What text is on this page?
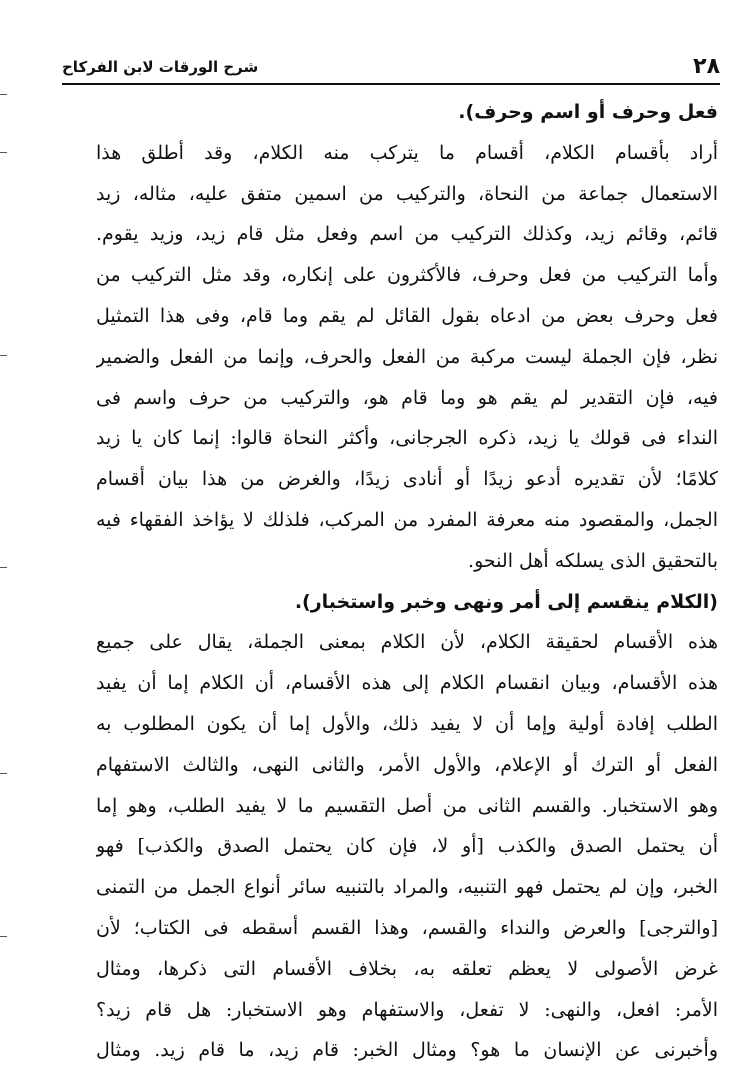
٢٨
شرح الورقات لابن الفركاح
فعل وحرف أو اسم وحرف).
أراد بأقسام الكلام، أقسام ما يتركب منه الكلام، وقد أطلق هذا
الاستعمال جماعة من النحاة، والتركيب من اسمين متفق عليه، مثاله، زيد
قائم، وقائم زيد، وكذلك التركيب من اسم وفعل مثل قام زيد، وزيد يقوم.
وأما التركيب من فعل وحرف، فالأكثرون على إنكاره، وقد مثل التركيب من
فعل وحرف بعض من ادعاه بقول القائل لم يقم وما قام، وفى هذا التمثيل
نظر، فإن الجملة ليست مركبة من الفعل والحرف، وإنما من الفعل والضمير
فيه، فإن التقدير لم يقم هو وما قام هو، والتركيب من حرف واسم فى
النداء فى قولك يا زيد، ذكره الجرجانى، وأكثر النحاة قالوا: إنما كان يا زيد
كلامًا؛ لأن تقديره أدعو زيدًا أو أنادى زيدًا، والغرض من هذا بيان أقسام
الجمل، والمقصود منه معرفة المفرد من المركب، فلذلك لا يؤاخذ الفقهاء فيه
بالتحقيق الذى يسلكه أهل النحو.
(الكلام ينقسم إلى أمر ونهى وخبر واستخبار).
هذه الأقسام لحقيقة الكلام، لأن الكلام بمعنى الجملة، يقال على جميع
هذه الأقسام، وبيان انقسام الكلام إلى هذه الأقسام، أن الكلام إما أن يفيد
الطلب إفادة أولية وإما أن لا يفيد ذلك، والأول إما أن يكون المطلوب به
الفعل أو الترك أو الإعلام، والأول الأمر، والثانى النهى، والثالث الاستفهام
وهو الاستخبار. والقسم الثانى من أصل التقسيم ما لا يفيد الطلب، وهو إما
أن يحتمل الصدق والكذب [أو لا، فإن كان يحتمل الصدق والكذب] فهو
الخبر، وإن لم يحتمل فهو التنبيه، والمراد بالتنبيه سائر أنواع الجمل من التمنى
[والترجى] والعرض والنداء والقسم، وهذا القسم أسقطه فى الكتاب؛ لأن
غرض الأصولى لا يعظم تعلقه به، بخلاف الأقسام التى ذكرها، ومثال
الأمر: افعل، والنهى: لا تفعل، والاستفهام وهو الاستخبار: هل قام زيد؟
وأخبرنى عن الإنسان ما هو؟ ومثال الخبر: قام زيد، ما قام زيد. ومثال
